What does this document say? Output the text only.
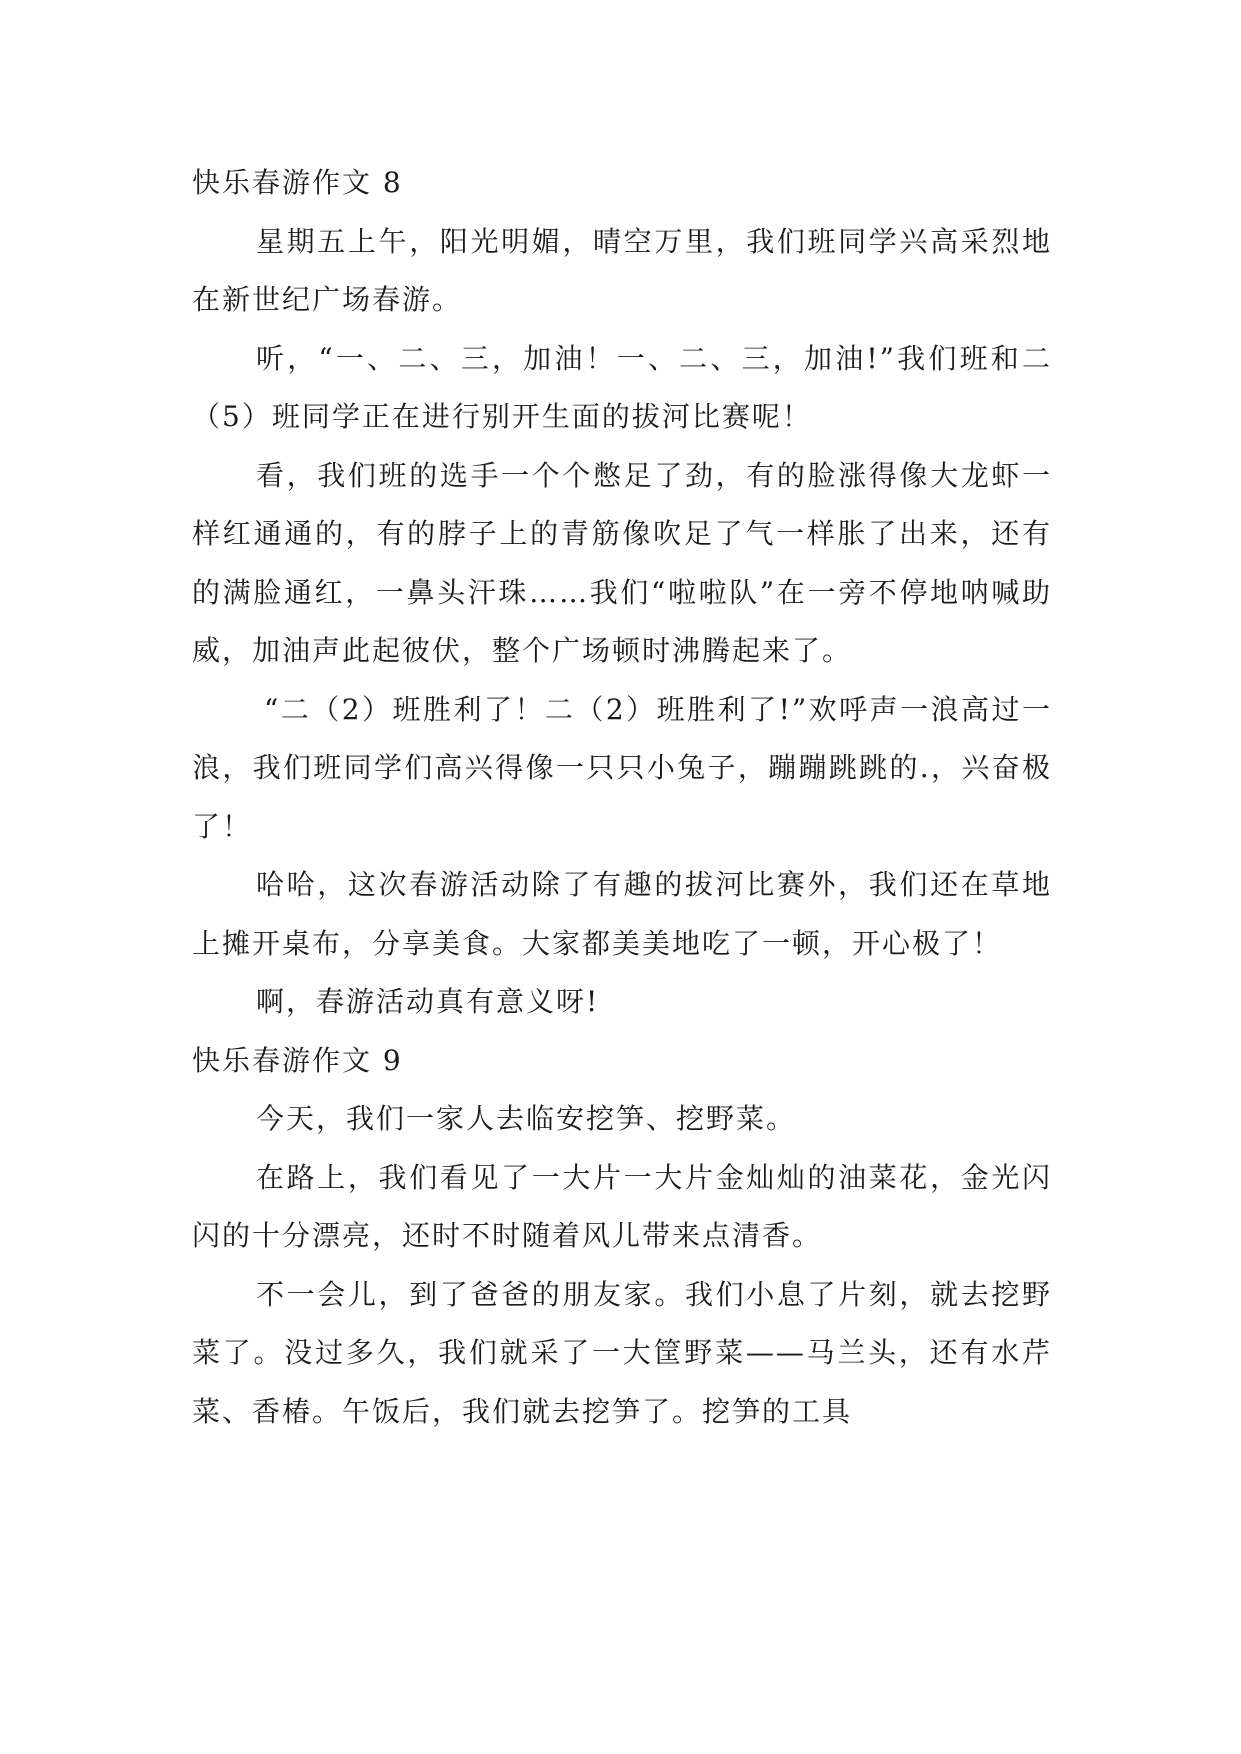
快乐春游作文 8

星期五上午，阳光明媚，晴空万里，我们班同学兴高采烈地在新世纪广场春游。

听，“一、二、三，加油！一、二、三，加油!”我们班和二（5）班同学正在进行别开生面的拔河比赛呢！

看，我们班的选手一个个憋足了劲，有的脸涨得像大龙虾一样红通通的，有的脖子上的青筋像吹足了气一样胀了出来，还有的满脸通红，一鼻头汗珠……我们“啦啦队”在一旁不停地呐喊助威，加油声此起彼伏，整个广场顿时沸腾起来了。

“二（2）班胜利了！二（2）班胜利了!”欢呼声一浪高过一浪，我们班同学们高兴得像一只只小兔子，蹦蹦跳跳的.，兴奋极了！

哈哈，这次春游活动除了有趣的拔河比赛外，我们还在草地上摊开桌布，分享美食。大家都美美地吃了一顿，开心极了！

啊，春游活动真有意义呀!

快乐春游作文 9

今天，我们一家人去临安挖笋、挖野菜。

在路上，我们看见了一大片一大片金灿灿的油菜花，金光闪闪的十分漂亮，还时不时随着风儿带来点清香。

不一会儿，到了爸爸的朋友家。我们小息了片刻，就去挖野菜了。没过多久，我们就采了一大筐野菜——马兰头，还有水芹菜、香椿。午饭后，我们就去挖笋了。挖笋的工具
